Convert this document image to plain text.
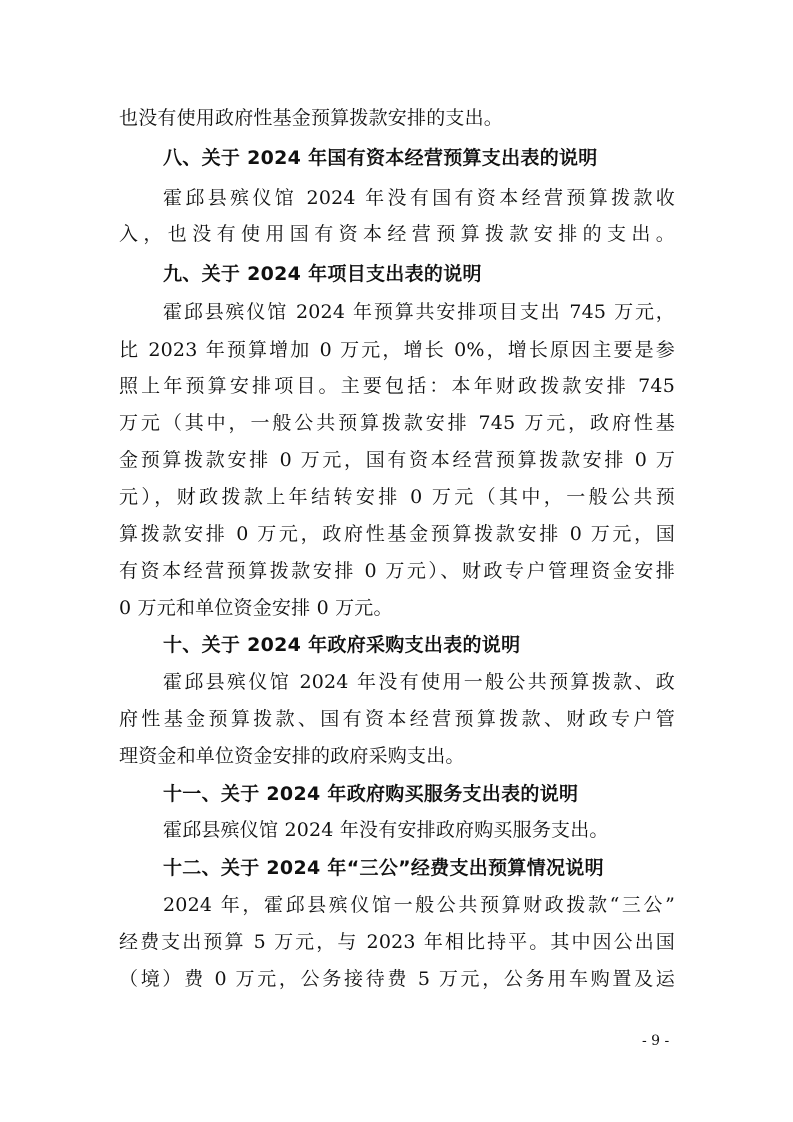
也没有使用政府性基金预算拨款安排的支出。
八、关于 2024 年国有资本经营预算支出表的说明
霍邱县殡仪馆 2024 年没有国有资本经营预算拨款收
入，也没有使用国有资本经营预算拨款安排的支出。
九、关于 2024 年项目支出表的说明
霍邱县殡仪馆 2024 年预算共安排项目支出 745 万元，
比 2023 年预算增加 0 万元，增长 0%，增长原因主要是参
照上年预算安排项目。主要包括：本年财政拨款安排 745
万元（其中，一般公共预算拨款安排 745 万元，政府性基
金预算拨款安排 0 万元，国有资本经营预算拨款安排 0 万
元），财政拨款上年结转安排 0 万元（其中，一般公共预
算拨款安排 0 万元，政府性基金预算拨款安排 0 万元，国
有资本经营预算拨款安排 0 万元）、财政专户管理资金安排
0 万元和单位资金安排 0 万元。
十、关于 2024 年政府采购支出表的说明
霍邱县殡仪馆 2024 年没有使用一般公共预算拨款、政
府性基金预算拨款、国有资本经营预算拨款、财政专户管
理资金和单位资金安排的政府采购支出。
十一、关于 2024 年政府购买服务支出表的说明
霍邱县殡仪馆 2024 年没有安排政府购买服务支出。
十二、关于 2024 年“三公”经费支出预算情况说明
2024 年，霍邱县殡仪馆一般公共预算财政拨款“三公”
经费支出预算 5 万元，与 2023 年相比持平。其中因公出国
（境）费 0 万元，公务接待费 5 万元，公务用车购置及运
- 9 -
